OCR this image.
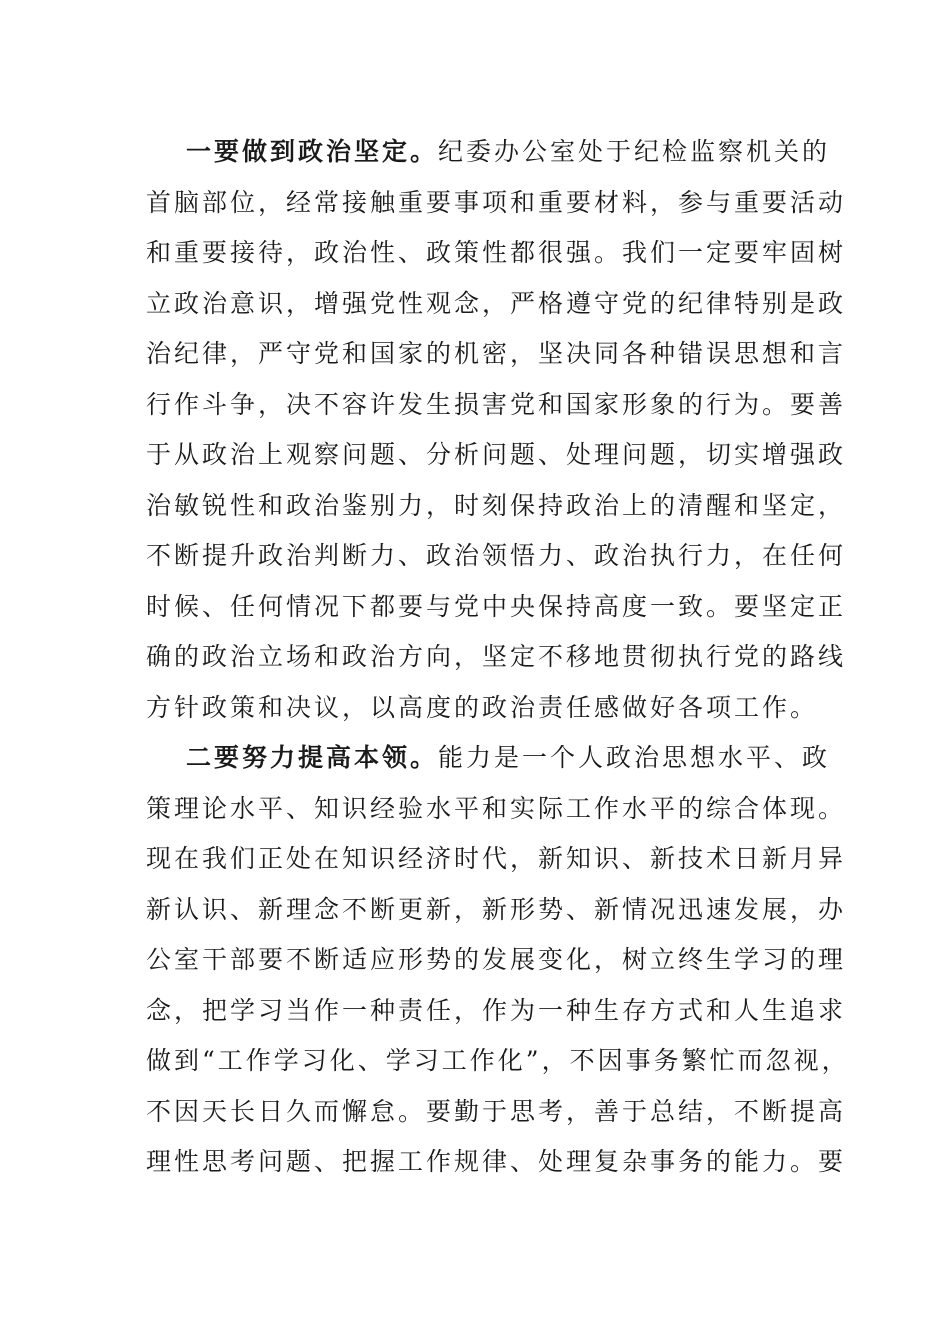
一要做到政治坚定。纪委办公室处于纪检监察机关的
首脑部位，经常接触重要事项和重要材料，参与重要活动
和重要接待，政治性、政策性都很强。我们一定要牢固树
立政治意识，增强党性观念，严格遵守党的纪律特别是政
治纪律，严守党和国家的机密，坚决同各种错误思想和言
行作斗争，决不容许发生损害党和国家形象的行为。要善
于从政治上观察问题、分析问题、处理问题，切实增强政
治敏锐性和政治鉴别力，时刻保持政治上的清醒和坚定，
不断提升政治判断力、政治领悟力、政治执行力，在任何
时候、任何情况下都要与党中央保持高度一致。要坚定正
确的政治立场和政治方向，坚定不移地贯彻执行党的路线
方针政策和决议，以高度的政治责任感做好各项工作。
二要努力提高本领。能力是一个人政治思想水平、政
策理论水平、知识经验水平和实际工作水平的综合体现。
现在我们正处在知识经济时代，新知识、新技术日新月异
新认识、新理念不断更新，新形势、新情况迅速发展，办
公室干部要不断适应形势的发展变化，树立终生学习的理
念，把学习当作一种责任，作为一种生存方式和人生追求
做到“工作学习化、学习工作化”，不因事务繁忙而忽视，
不因天长日久而懈怠。要勤于思考，善于总结，不断提高
理性思考问题、把握工作规律、处理复杂事务的能力。要
